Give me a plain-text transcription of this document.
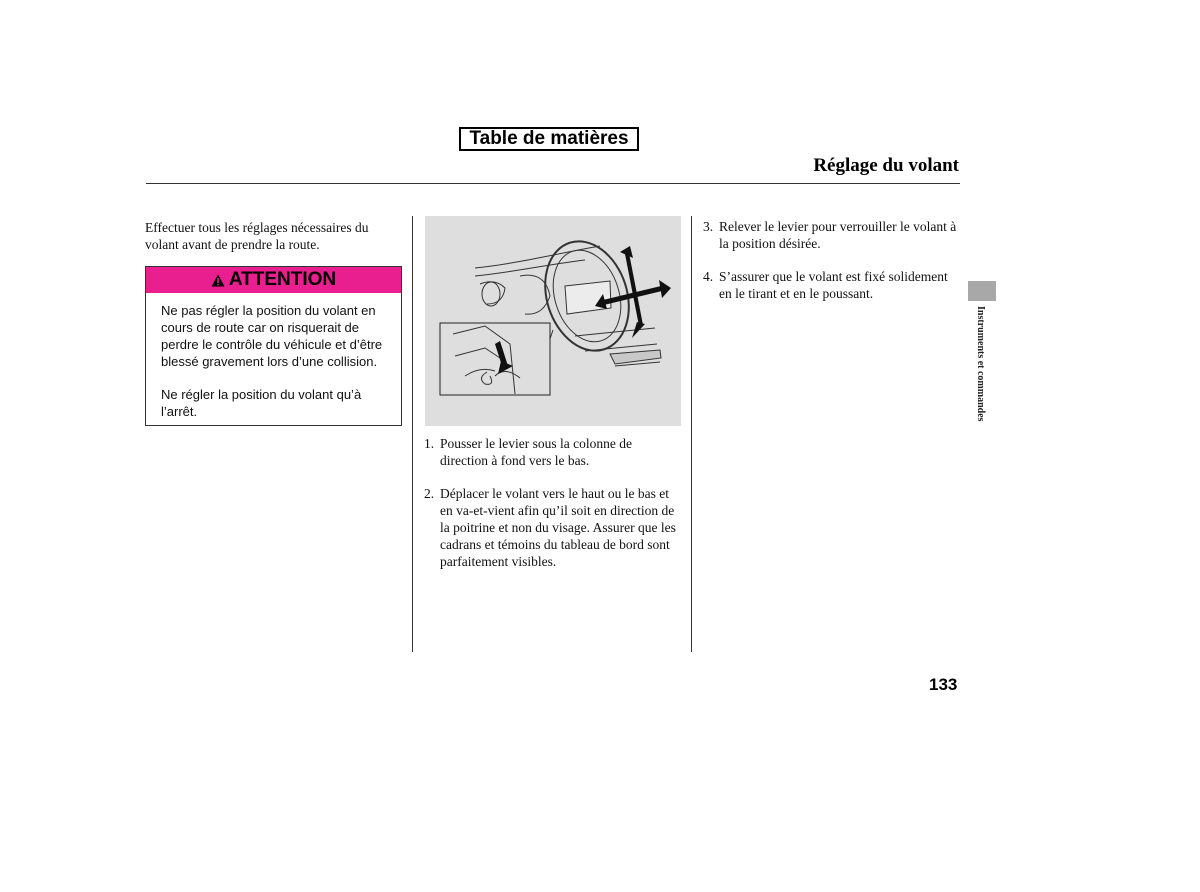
Table de matières
Réglage du volant
Effectuer tous les réglages nécessaires du volant avant de prendre la route.
ATTENTION

Ne pas régler la position du volant en cours de route car on risquerait de perdre le contrôle du véhicule et d’être blessé gravement lors d’une collision.

Ne régler la position du volant qu’à l’arrêt.

1. Pousser le levier sous la colonne de direction à fond vers le bas.
2. Déplacer le volant vers le haut ou le bas et en va-et-vient afin qu’il soit en direction de la poitrine et non du visage. Assurer que les cadrans et témoins du tableau de bord sont parfaitement visibles.
3. Relever le levier pour verrouiller le volant à la position désirée.
4. S’assurer que le volant est fixé solidement en le tirant et en le poussant.
Instruments et commandes
133
